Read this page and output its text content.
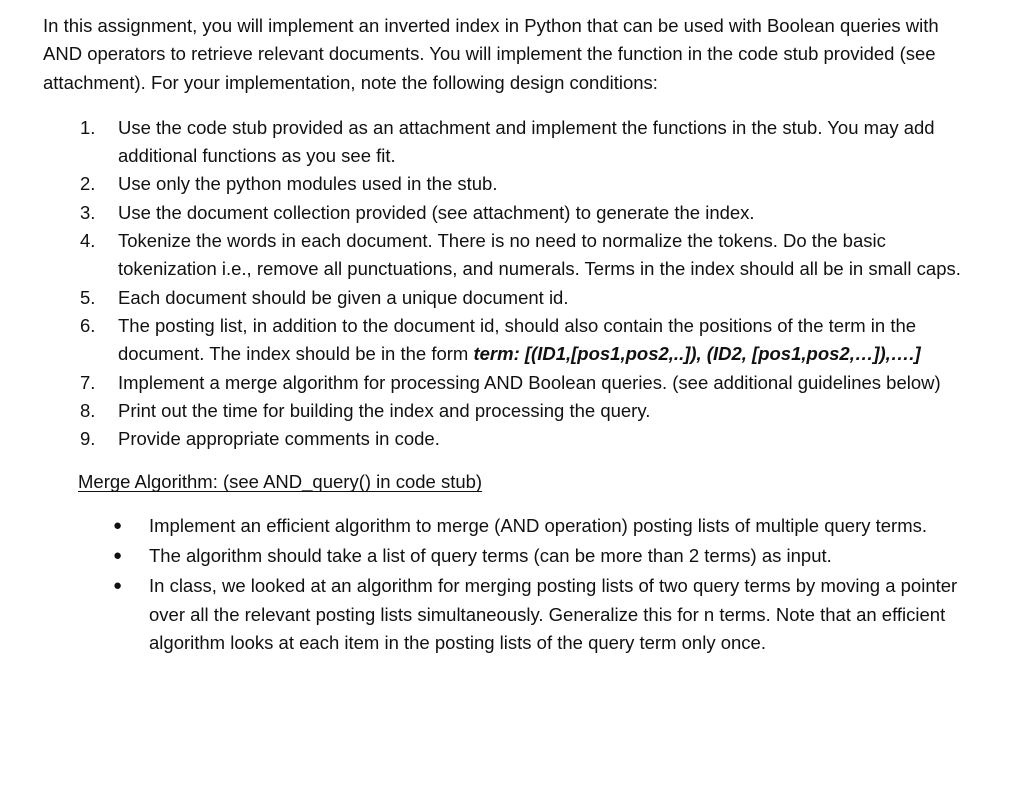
In this assignment, you will implement an inverted index in Python that can be used with Boolean queries with AND operators to retrieve relevant documents. You will implement the function in the code stub provided (see attachment). For your implementation, note the following design conditions:

1.	Use the code stub provided as an attachment and implement the functions in the stub. You may add additional functions as you see fit.
2.	Use only the python modules used in the stub.
3.	Use the document collection provided (see attachment) to generate the index.
4.	Tokenize the words in each document. There is no need to normalize the tokens. Do the basic tokenization i.e., remove all punctuations, and numerals. Terms in the index should all be in small caps.
5.	Each document should be given a unique document id.
6.	The posting list, in addition to the document id, should also contain the positions of the term in the document. The index should be in the form term: [(ID1,[pos1,pos2,..]), (ID2, [pos1,pos2,…]),….]
7.	Implement a merge algorithm for processing AND Boolean queries. (see additional guidelines below)
8.	Print out the time for building the index and processing the query.
9.	Provide appropriate comments in code.
Merge Algorithm: (see AND_query() in code stub)
●	Implement an efficient algorithm to merge (AND operation) posting lists of multiple query terms.
●	The algorithm should take a list of query terms (can be more than 2 terms) as input.
●	In class, we looked at an algorithm for merging posting lists of two query terms by moving a pointer over all the relevant posting lists simultaneously. Generalize this for n terms. Note that an efficient algorithm looks at each item in the posting lists of the query term only once.
